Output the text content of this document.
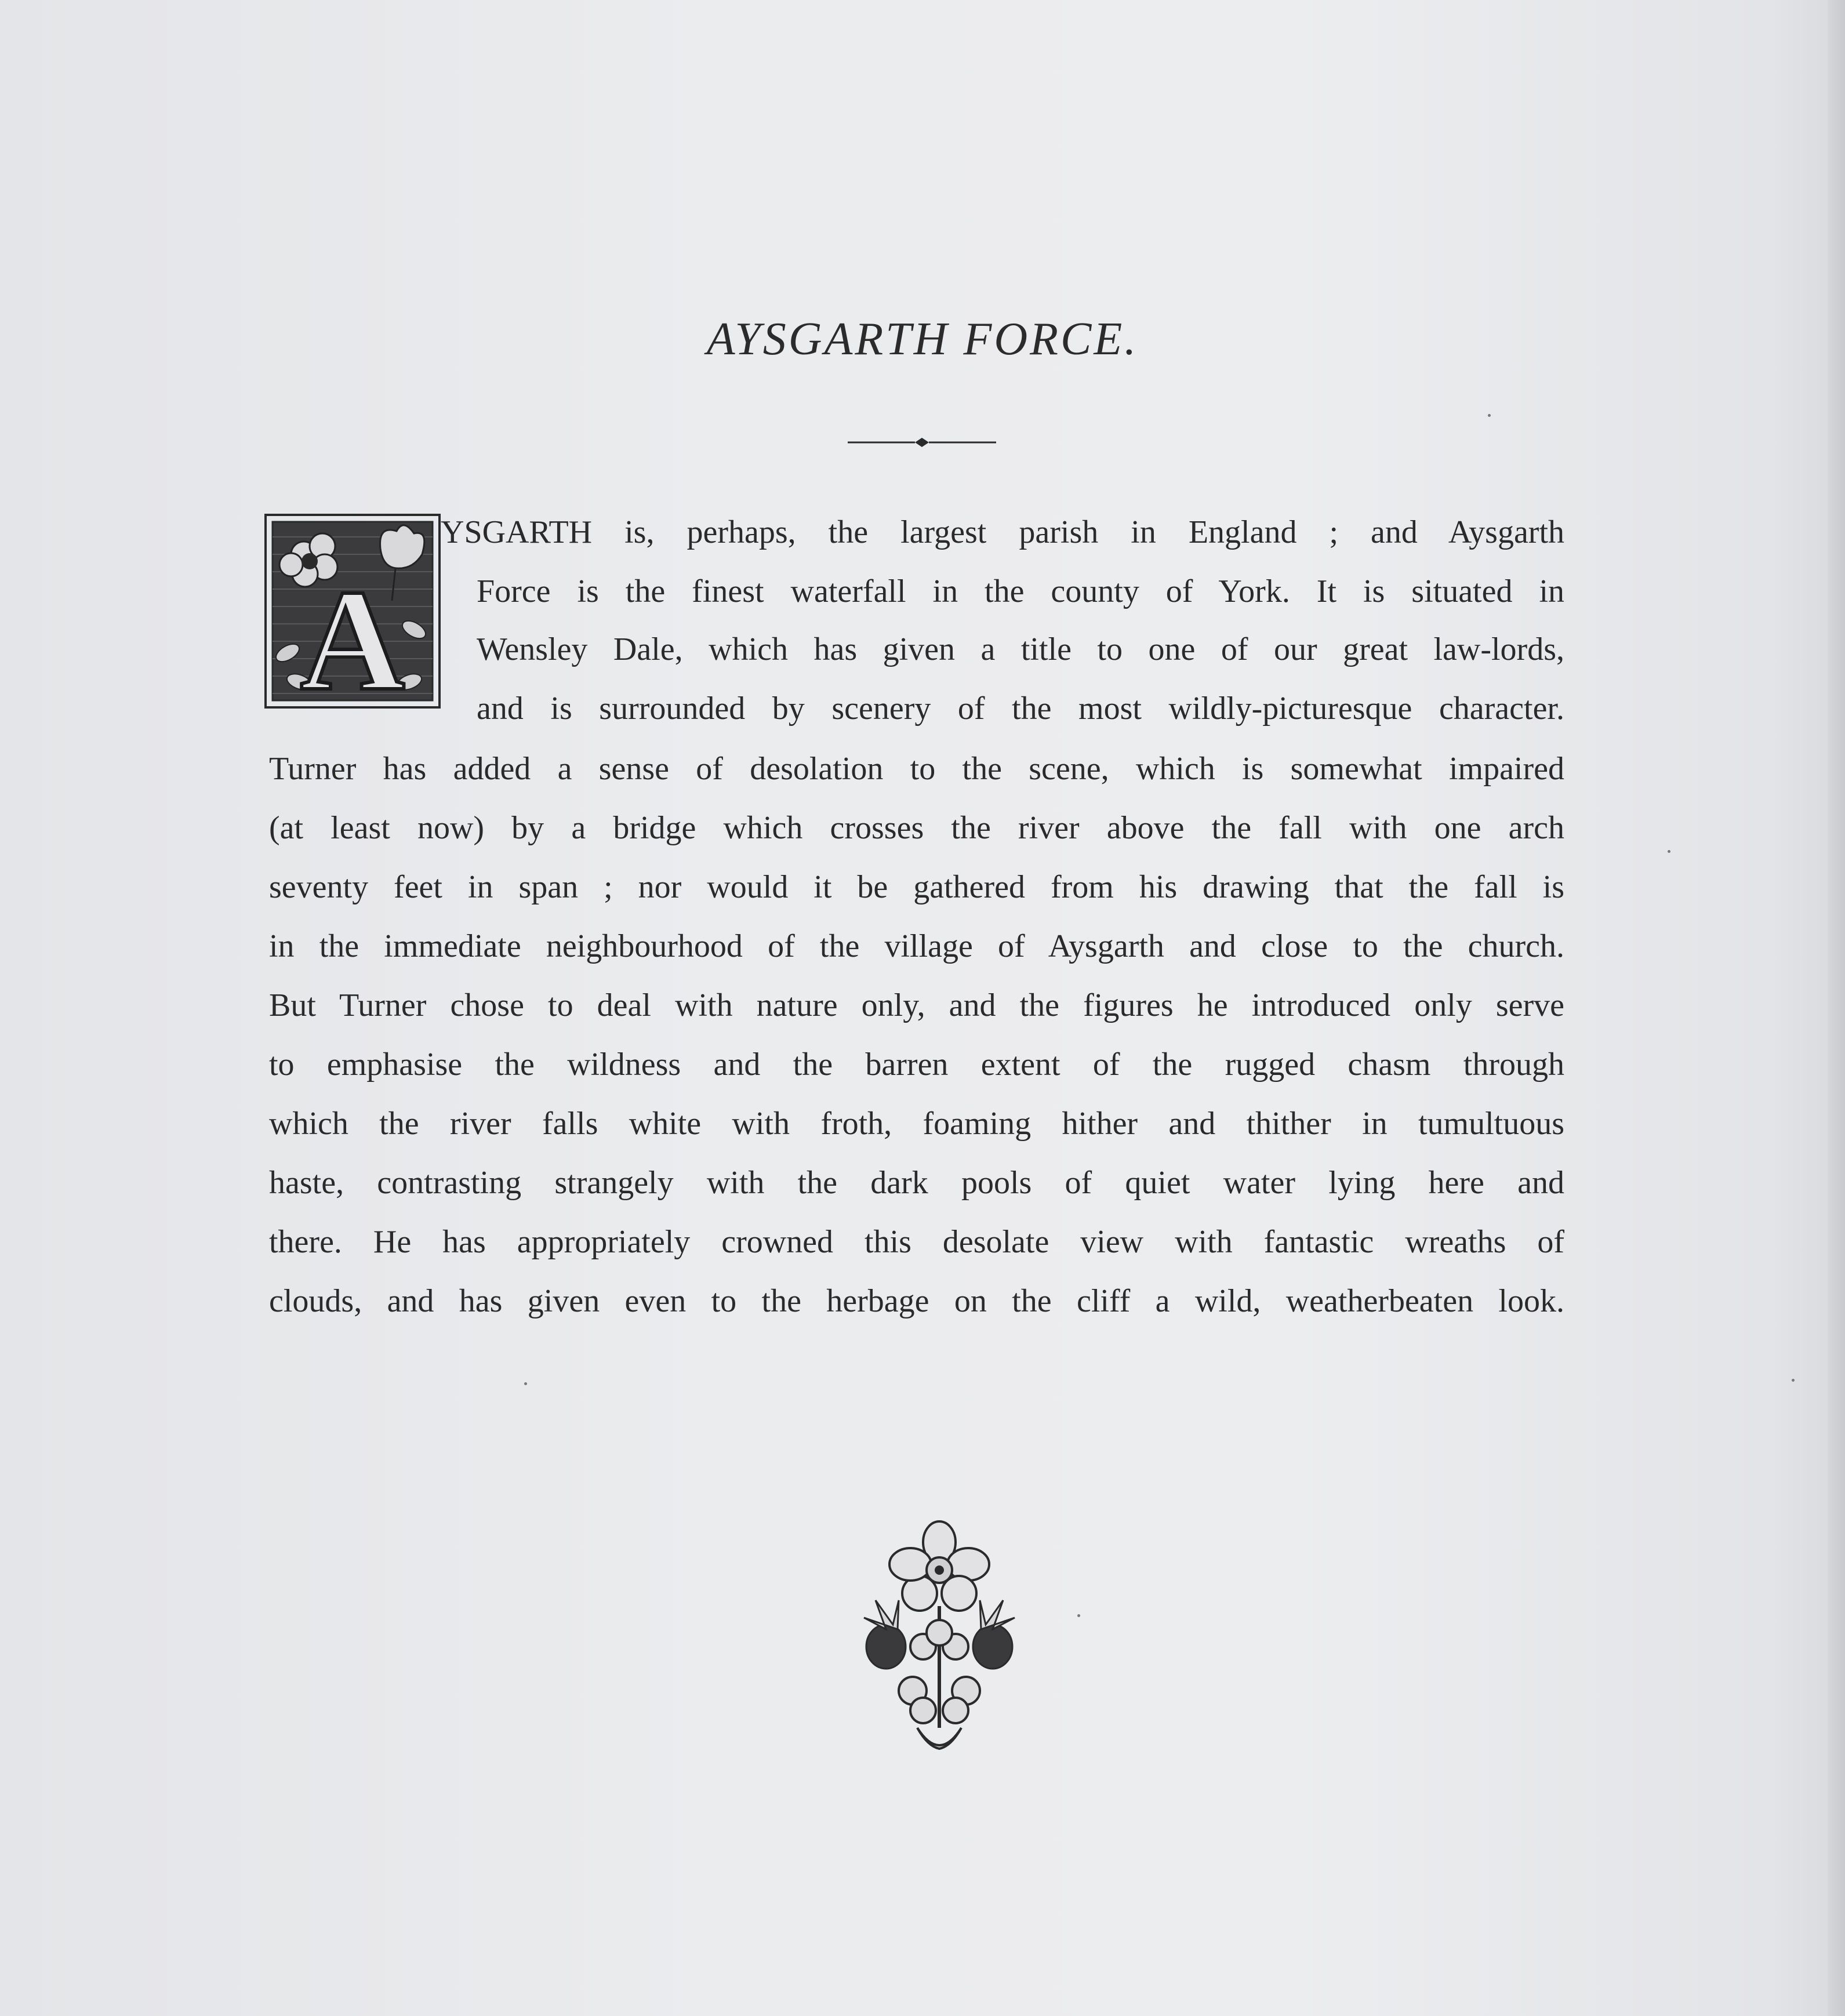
AYSGARTH FORCE.
A
YSGARTH is, perhaps, the largest parish in England ; and Aysgarth
Force is the finest waterfall in the county of York. It is situated in
Wensley Dale, which has given a title to one of our great law-lords,
and is surrounded by scenery of the most wildly-picturesque character.
Turner has added a sense of desolation to the scene, which is somewhat impaired
(at least now) by a bridge which crosses the river above the fall with one arch
seventy feet in span ; nor would it be gathered from his drawing that the fall is
in the immediate neighbourhood of the village of Aysgarth and close to the church.
But Turner chose to deal with nature only, and the figures he introduced only serve
to emphasise the wildness and the barren extent of the rugged chasm through
which the river falls white with froth, foaming hither and thither in tumultuous
haste, contrasting strangely with the dark pools of quiet water lying here and
there. He has appropriately crowned this desolate view with fantastic wreaths of
clouds, and has given even to the herbage on the cliff a wild, weatherbeaten look.
